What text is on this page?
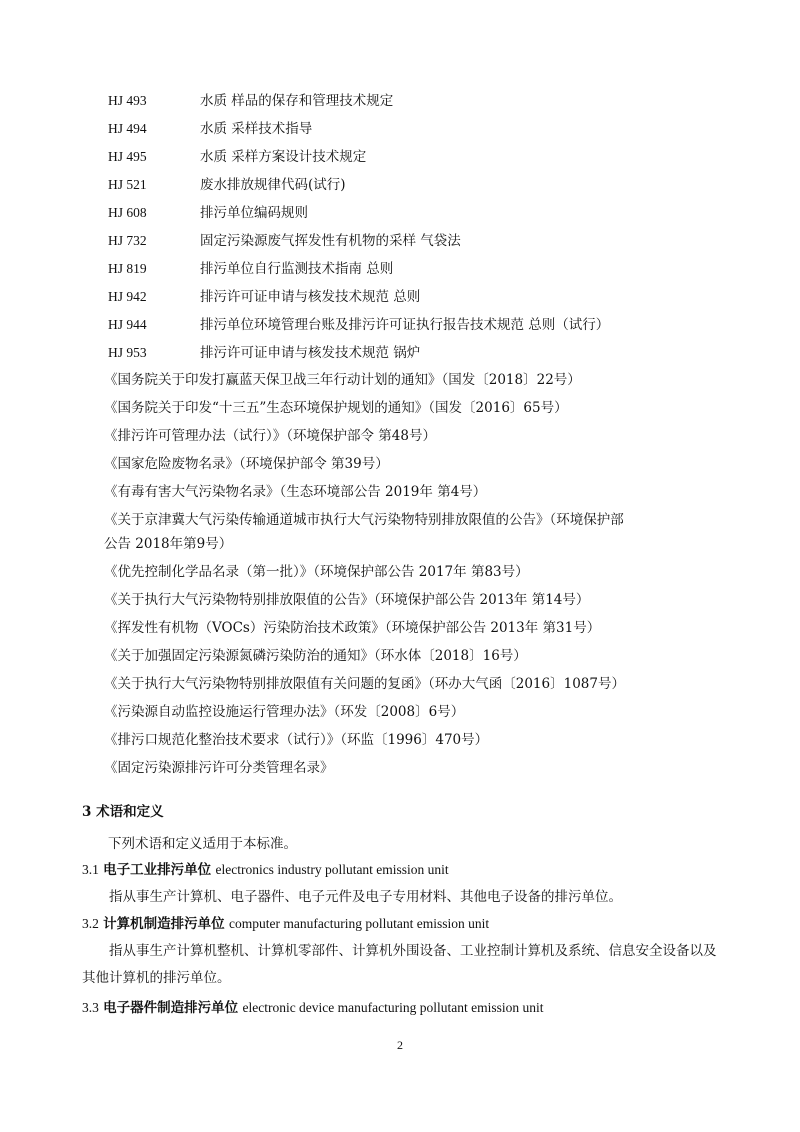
HJ 493	水质 样品的保存和管理技术规定
HJ 494	水质 采样技术指导
HJ 495	水质 采样方案设计技术规定
HJ 521	废水排放规律代码(试行)
HJ 608	排污单位编码规则
HJ 732	固定污染源废气挥发性有机物的采样 气袋法
HJ 819	排污单位自行监测技术指南 总则
HJ 942	排污许可证申请与核发技术规范 总则
HJ 944	排污单位环境管理台账及排污许可证执行报告技术规范 总则（试行）
HJ 953	排污许可证申请与核发技术规范 锅炉
《国务院关于印发打赢蓝天保卫战三年行动计划的通知》（国发〔2018〕22号）
《国务院关于印发“十三五”生态环境保护规划的通知》（国发〔2016〕65号）
《排污许可管理办法（试行）》（环境保护部令 第48号）
《国家危险废物名录》（环境保护部令 第39号）
《有毒有害大气污染物名录》（生态环境部公告 2019年 第4号）
《关于京津冀大气污染传输通道城市执行大气污染物特别排放限值的公告》（环境保护部
公告 2018年第9号）
《优先控制化学品名录（第一批）》（环境保护部公告 2017年 第83号）
《关于执行大气污染物特别排放限值的公告》（环境保护部公告 2013年 第14号）
《挥发性有机物（VOCs）污染防治技术政策》（环境保护部公告 2013年 第31号）
《关于加强固定污染源氮磷污染防治的通知》（环水体〔2018〕16号）
《关于执行大气污染物特别排放限值有关问题的复函》（环办大气函〔2016〕1087号）
《污染源自动监控设施运行管理办法》（环发〔2008〕6号）
《排污口规范化整治技术要求（试行）》（环监〔1996〕470号）
《固定污染源排污许可分类管理名录》
3 术语和定义
下列术语和定义适用于本标准。
3.1 电子工业排污单位 electronics industry pollutant emission unit
指从事生产计算机、电子器件、电子元件及电子专用材料、其他电子设备的排污单位。
3.2 计算机制造排污单位 computer manufacturing pollutant emission unit
指从事生产计算机整机、计算机零部件、计算机外围设备、工业控制计算机及系统、信息安全设备以及其他计算机的排污单位。
3.3 电子器件制造排污单位 electronic device manufacturing pollutant emission unit
2
